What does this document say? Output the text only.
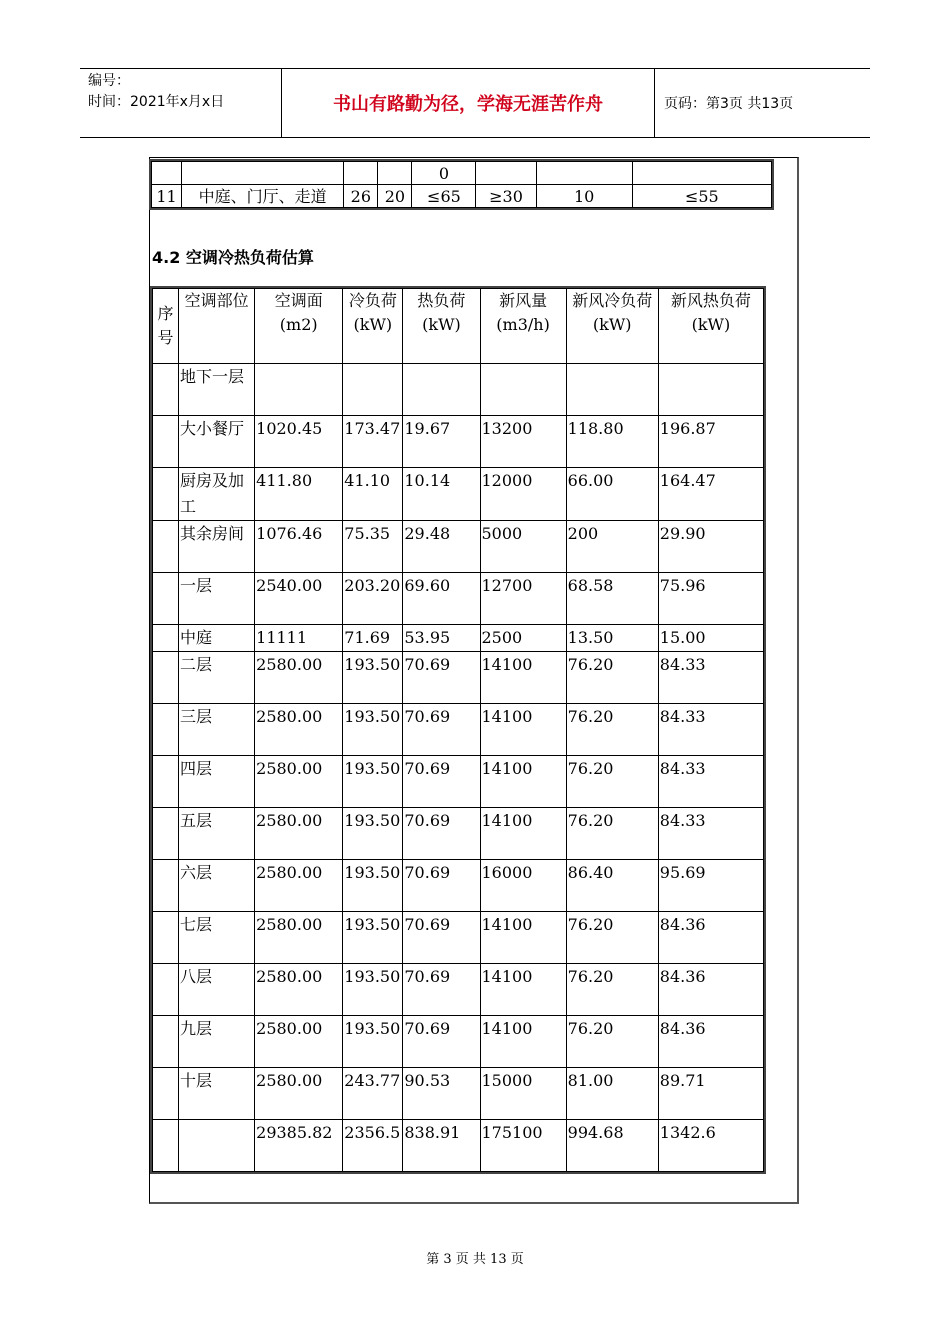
编号：
时间：2021年x月x日	书山有路勤为径，学海无涯苦作舟	页码：第3页 共13页
				0			
11	中庭、门厅、走道	26	20	≤65	≥30	10	≤55
4.2 空调冷热负荷估算
序号	空调部位	空调面(m2)	冷负荷(kW)	热负荷(kW)	新风量(m3/h)	新风冷负荷(kW)	新风热负荷(kW)
	地下一层						
	大小餐厅	1020.45	173.47	19.67	13200	118.80	196.87
	厨房及加工	411.80	41.10	10.14	12000	66.00	164.47
	其余房间	1076.46	75.35	29.48	5000	200	29.90
	一层	2540.00	203.20	69.60	12700	68.58	75.96
	中庭	11111	71.69	53.95	2500	13.50	15.00
	二层	2580.00	193.50	70.69	14100	76.20	84.33
	三层	2580.00	193.50	70.69	14100	76.20	84.33
	四层	2580.00	193.50	70.69	14100	76.20	84.33
	五层	2580.00	193.50	70.69	14100	76.20	84.33
	六层	2580.00	193.50	70.69	16000	86.40	95.69
	七层	2580.00	193.50	70.69	14100	76.20	84.36
	八层	2580.00	193.50	70.69	14100	76.20	84.36
	九层	2580.00	193.50	70.69	14100	76.20	84.36
	十层	2580.00	243.77	90.53	15000	81.00	89.71
		29385.82	2356.5	838.91	175100	994.68	1342.6
第 3 页 共 13 页
